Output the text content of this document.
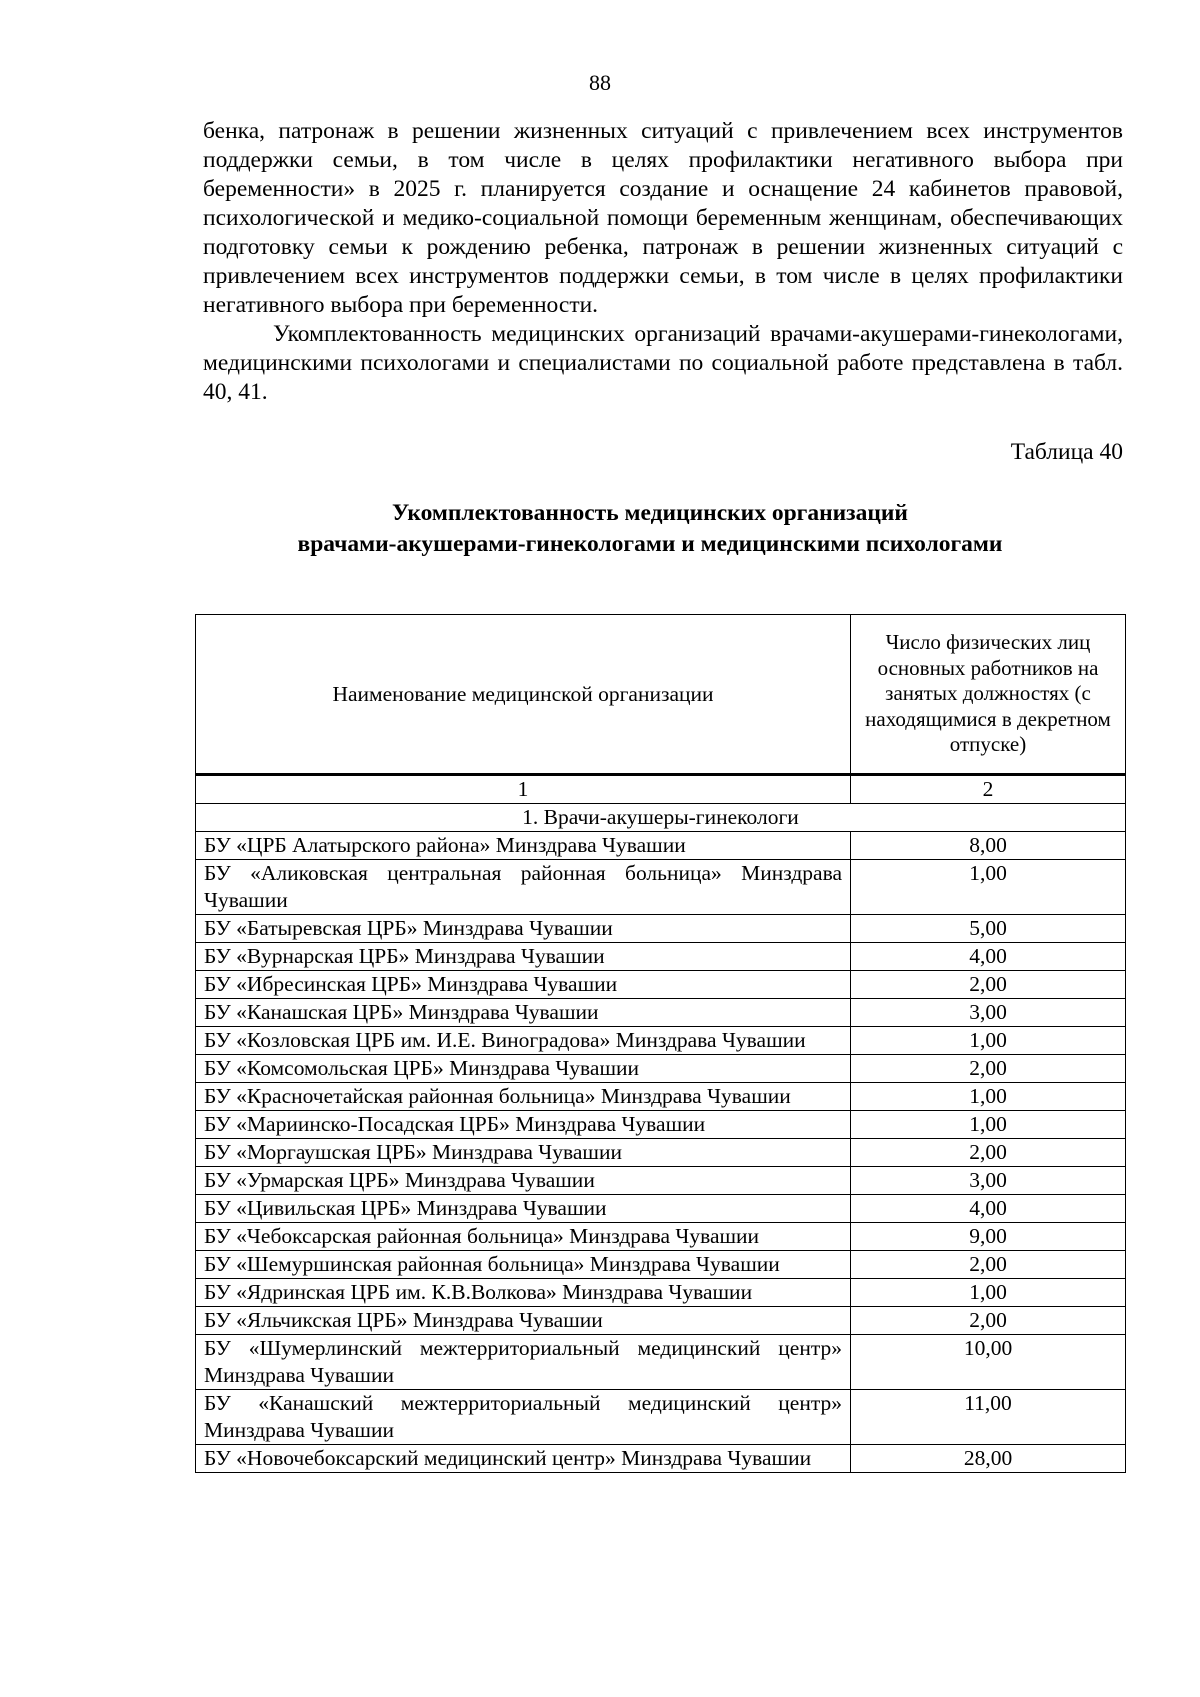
88

бенка, патронаж в решении жизненных ситуаций с привлечением всех инструментов поддержки семьи, в том числе в целях профилактики негативного выбора при беременности» в 2025 г. планируется создание и оснащение 24 кабинетов правовой, психологической и медико-социальной помощи беременным женщинам, обеспечивающих подготовку семьи к рождению ребенка, патронаж в решении жизненных ситуаций с привлечением всех инструментов поддержки семьи, в том числе в целях профилактики негативного выбора при беременности.

Укомплектованность медицинских организаций врачами-акушерами-гинекологами, медицинскими психологами и специалистами по социальной работе представлена в табл. 40, 41.

Таблица 40
Укомплектованность медицинских организаций
врачами-акушерами-гинекологами и медицинскими психологами
Наименование медицинской организации	Число физических лиц основных работников на занятых должностях (с находящимися в декретном отпуске)
1	2
1. Врачи-акушеры-гинекологи	
БУ «ЦРБ Алатырского района» Минздрава Чувашии	8,00
БУ «Аликовская центральная районная больница» Минздрава Чувашии	1,00
БУ «Батыревская ЦРБ» Минздрава Чувашии	5,00
БУ «Вурнарская ЦРБ» Минздрава Чувашии	4,00
БУ «Ибресинская ЦРБ» Минздрава Чувашии	2,00
БУ «Канашская ЦРБ» Минздрава Чувашии	3,00
БУ «Козловская ЦРБ им. И.Е. Виноградова» Минздрава Чувашии	1,00
БУ «Комсомольская ЦРБ» Минздрава Чувашии	2,00
БУ «Красночетайская районная больница» Минздрава Чувашии	1,00
БУ «Мариинско-Посадская ЦРБ» Минздрава Чувашии	1,00
БУ «Моргаушская ЦРБ» Минздрава Чувашии	2,00
БУ «Урмарская ЦРБ» Минздрава Чувашии	3,00
БУ «Цивильская ЦРБ» Минздрава Чувашии	4,00
БУ «Чебоксарская районная больница» Минздрава Чувашии	9,00
БУ «Шемуршинская районная больница» Минздрава Чувашии	2,00
БУ «Ядринская ЦРБ им. К.В.Волкова» Минздрава Чувашии	1,00
БУ «Яльчикская ЦРБ» Минздрава Чувашии	2,00
БУ «Шумерлинский межтерриториальный медицинский центр» Минздрава Чувашии	10,00
БУ «Канашский межтерриториальный медицинский центр» Минздрава Чувашии	11,00
БУ «Новочебоксарский медицинский центр» Минздрава Чувашии	28,00
